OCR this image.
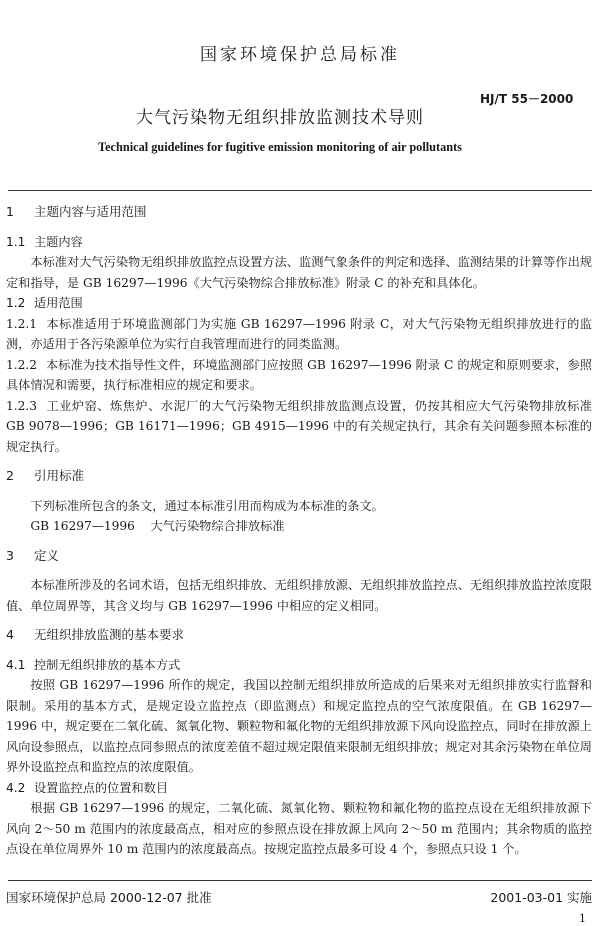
国家环境保护总局标准
HJ/T 55－2000
大气污染物无组织排放监测技术导则
Technical guidelines for fugitive emission monitoring of air pollutants
1 主题内容与适用范围
1.1 主题内容

本标准对大气污染物无组织排放监控点设置方法、监测气象条件的判定和选择、监测结果的计算等作出规定和指导，是 GB 16297—1996《大气污染物综合排放标准》附录 C 的补充和具体化。

1.2 适用范围

1.2.1 本标准适用于环境监测部门为实施 GB 16297—1996 附录 C，对大气污染物无组织排放进行的监测，亦适用于各污染源单位为实行自我管理而进行的同类监测。

1.2.2 本标准为技术指导性文件，环境监测部门应按照 GB 16297—1996 附录 C 的规定和原则要求，参照具体情况和需要，执行标准相应的规定和要求。

1.2.3 工业炉窑、炼焦炉、水泥厂的大气污染物无组织排放监测点设置，仍按其相应大气污染物排放标准 GB 9078—1996；GB 16171—1996；GB 4915—1996 中的有关规定执行，其余有关问题参照本标准的规定执行。

2 引用标准

下列标准所包含的条文，通过本标准引用而构成为本标准的条文。

GB 16297—1996 大气污染物综合排放标准

3 定义

本标准所涉及的名词术语，包括无组织排放、无组织排放源、无组织排放监控点、无组织排放监控浓度限值、单位周界等，其含义均与 GB 16297—1996 中相应的定义相同。

4 无组织排放监测的基本要求
4.1 控制无组织排放的基本方式

按照 GB 16297—1996 所作的规定，我国以控制无组织排放所造成的后果来对无组织排放实行监督和限制。采用的基本方式，是规定设立监控点（即监测点）和规定监控点的空气浓度限值。在 GB 16297—1996 中，规定要在二氧化硫、氮氧化物、颗粒物和氟化物的无组织排放源下风向设监控点，同时在排放源上风向设参照点，以监控点同参照点的浓度差值不超过规定限值来限制无组织排放；规定对其余污染物在单位周界外设监控点和监控点的浓度限值。

4.2 设置监控点的位置和数目

根据 GB 16297—1996 的规定，二氧化硫、氮氧化物、颗粒物和氟化物的监控点设在无组织排放源下风向 2～50 m 范围内的浓度最高点，相对应的参照点设在排放源上风向 2～50 m 范围内；其余物质的监控点设在单位周界外 10 m 范围内的浓度最高点。按规定监控点最多可设 4 个，参照点只设 1 个。

国家环境保护总局 2000-12-07 批准	2001-03-01 实施
1
